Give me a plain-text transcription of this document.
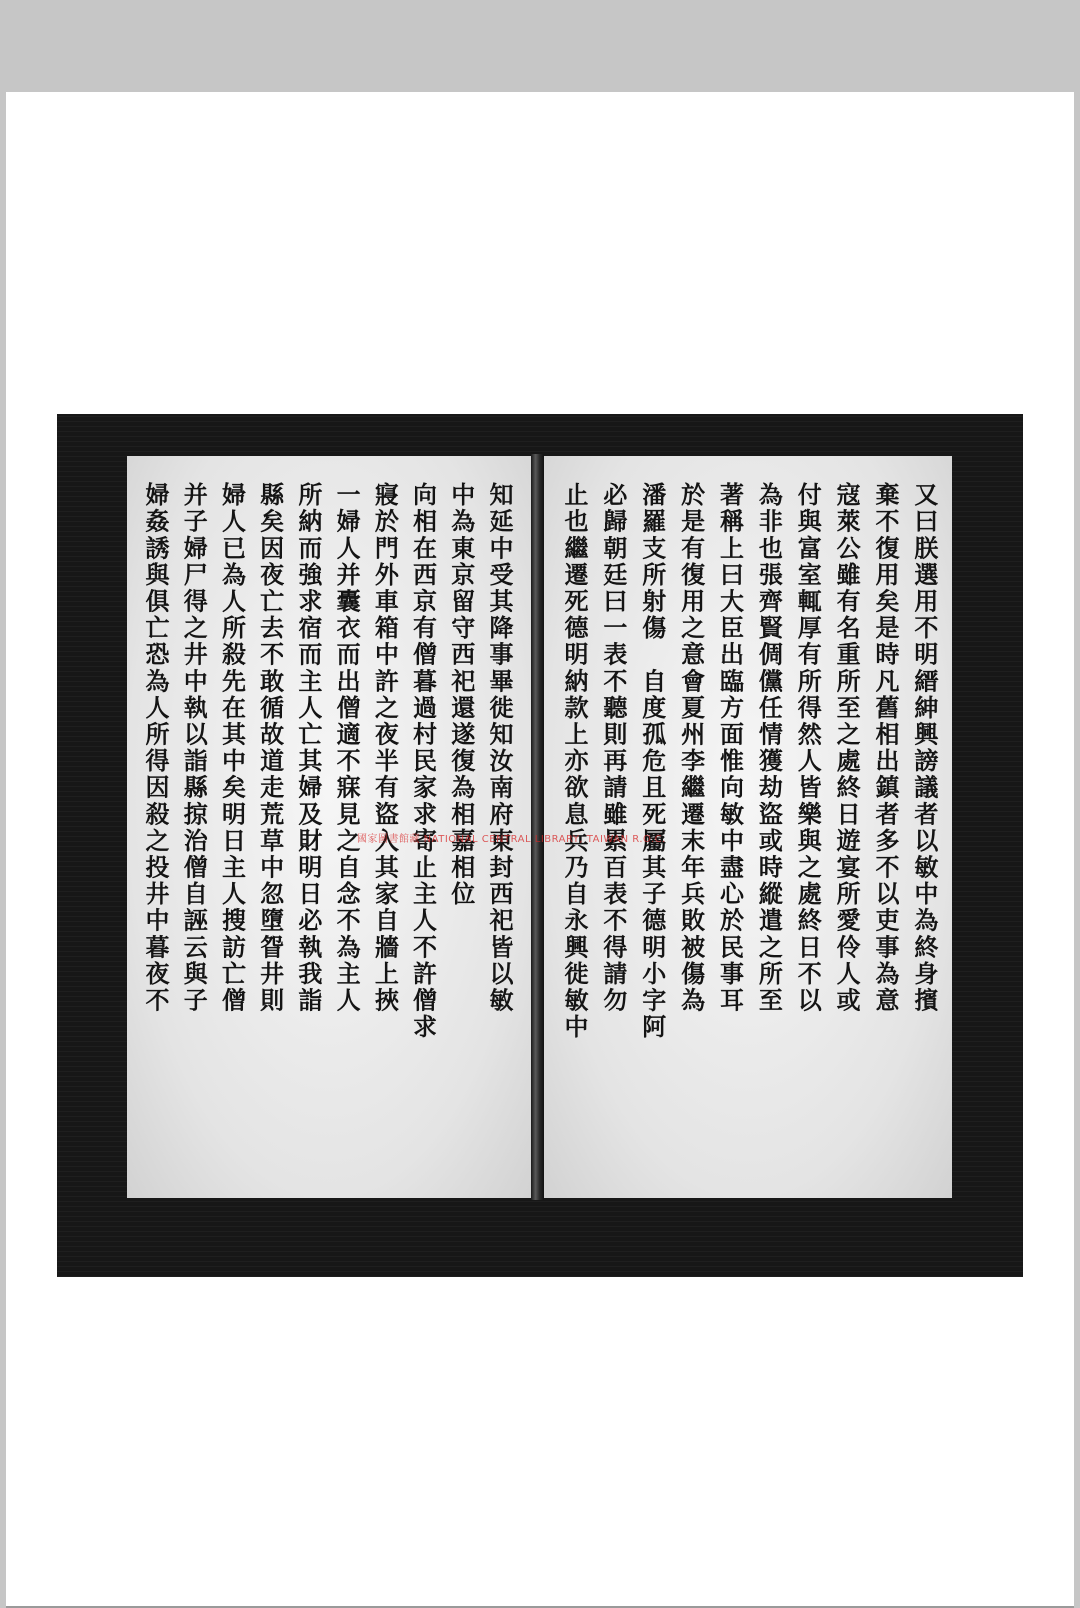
知延中受其降事畢徙知汝南府東封西祀皆以敏
中為東京留守西祀還遂復為相嘉相位
向相在西京有僧暮過村民家求寄止主人不許僧求
寢於門外車箱中許之夜半有盜入其家自牆上挾
一婦人并囊衣而出僧適不寐見之自念不為主人
所納而強求宿而主人亡其婦及財明日必執我詣
縣矣因夜亡去不敢循故道走荒草中忽墮眢井則
婦人已為人所殺先在其中矣明日主人搜訪亡僧
并子婦尸得之井中執以詣縣掠治僧自誣云與子
婦姦誘與俱亡恐為人所得因殺之投井中暮夜不	又曰朕選用不明縉紳興謗議者以敏中為終身擯
棄不復用矣是時凡舊相出鎮者多不以吏事為意
寇萊公雖有名重所至之處終日遊宴所愛伶人或
付與富室輒厚有所得然人皆樂與之處終日不以
為非也張齊賢倜儻任情獲劫盜或時縱遣之所至
著稱上曰大臣出臨方面惟向敏中盡心於民事耳
於是有復用之意會夏州李繼遷末年兵敗被傷為
潘羅支所射傷　自度孤危且死屬其子德明小字阿
必歸朝廷曰一表不聽則再請雖累百表不得請勿
止也繼遷死德明納款上亦欲息兵乃自永興徙敏中
國家圖書館藏 NATIONAL CENTRAL LIBRARY, TAIWAN R.O.C.
